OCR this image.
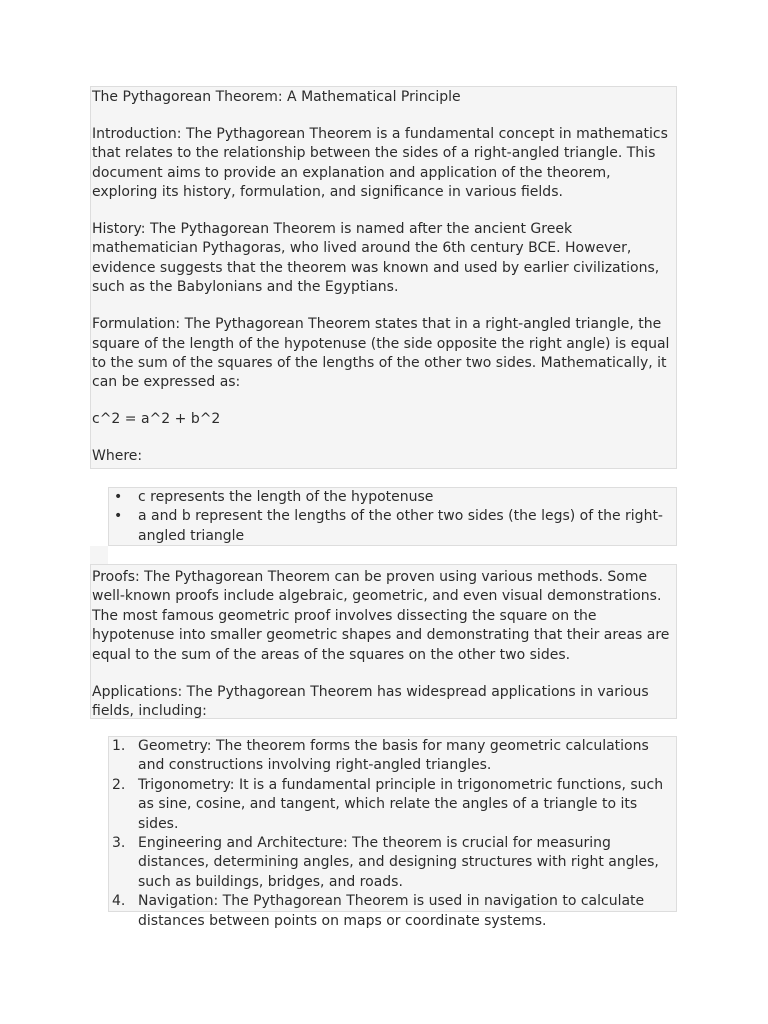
The Pythagorean Theorem: A Mathematical Principle

Introduction: The Pythagorean Theorem is a fundamental concept in mathematics that relates to the relationship between the sides of a right-angled triangle. This document aims to provide an explanation and application of the theorem, exploring its history, formulation, and significance in various fields.

History: The Pythagorean Theorem is named after the ancient Greek mathematician Pythagoras, who lived around the 6th century BCE. However, evidence suggests that the theorem was known and used by earlier civilizations, such as the Babylonians and the Egyptians.

Formulation: The Pythagorean Theorem states that in a right-angled triangle, the square of the length of the hypotenuse (the side opposite the right angle) is equal to the sum of the squares of the lengths of the other two sides. Mathematically, it can be expressed as:

c^2 = a^2 + b^2

Where:

• c represents the length of the hypotenuse
• a and b represent the lengths of the other two sides (the legs) of the right-angled triangle

Proofs: The Pythagorean Theorem can be proven using various methods. Some well-known proofs include algebraic, geometric, and even visual demonstrations. The most famous geometric proof involves dissecting the square on the hypotenuse into smaller geometric shapes and demonstrating that their areas are equal to the sum of the areas of the squares on the other two sides.

Applications: The Pythagorean Theorem has widespread applications in various fields, including:

1. Geometry: The theorem forms the basis for many geometric calculations and constructions involving right-angled triangles.
2. Trigonometry: It is a fundamental principle in trigonometric functions, such as sine, cosine, and tangent, which relate the angles of a triangle to its sides.
3. Engineering and Architecture: The theorem is crucial for measuring distances, determining angles, and designing structures with right angles, such as buildings, bridges, and roads.
4. Navigation: The Pythagorean Theorem is used in navigation to calculate distances between points on maps or coordinate systems.
